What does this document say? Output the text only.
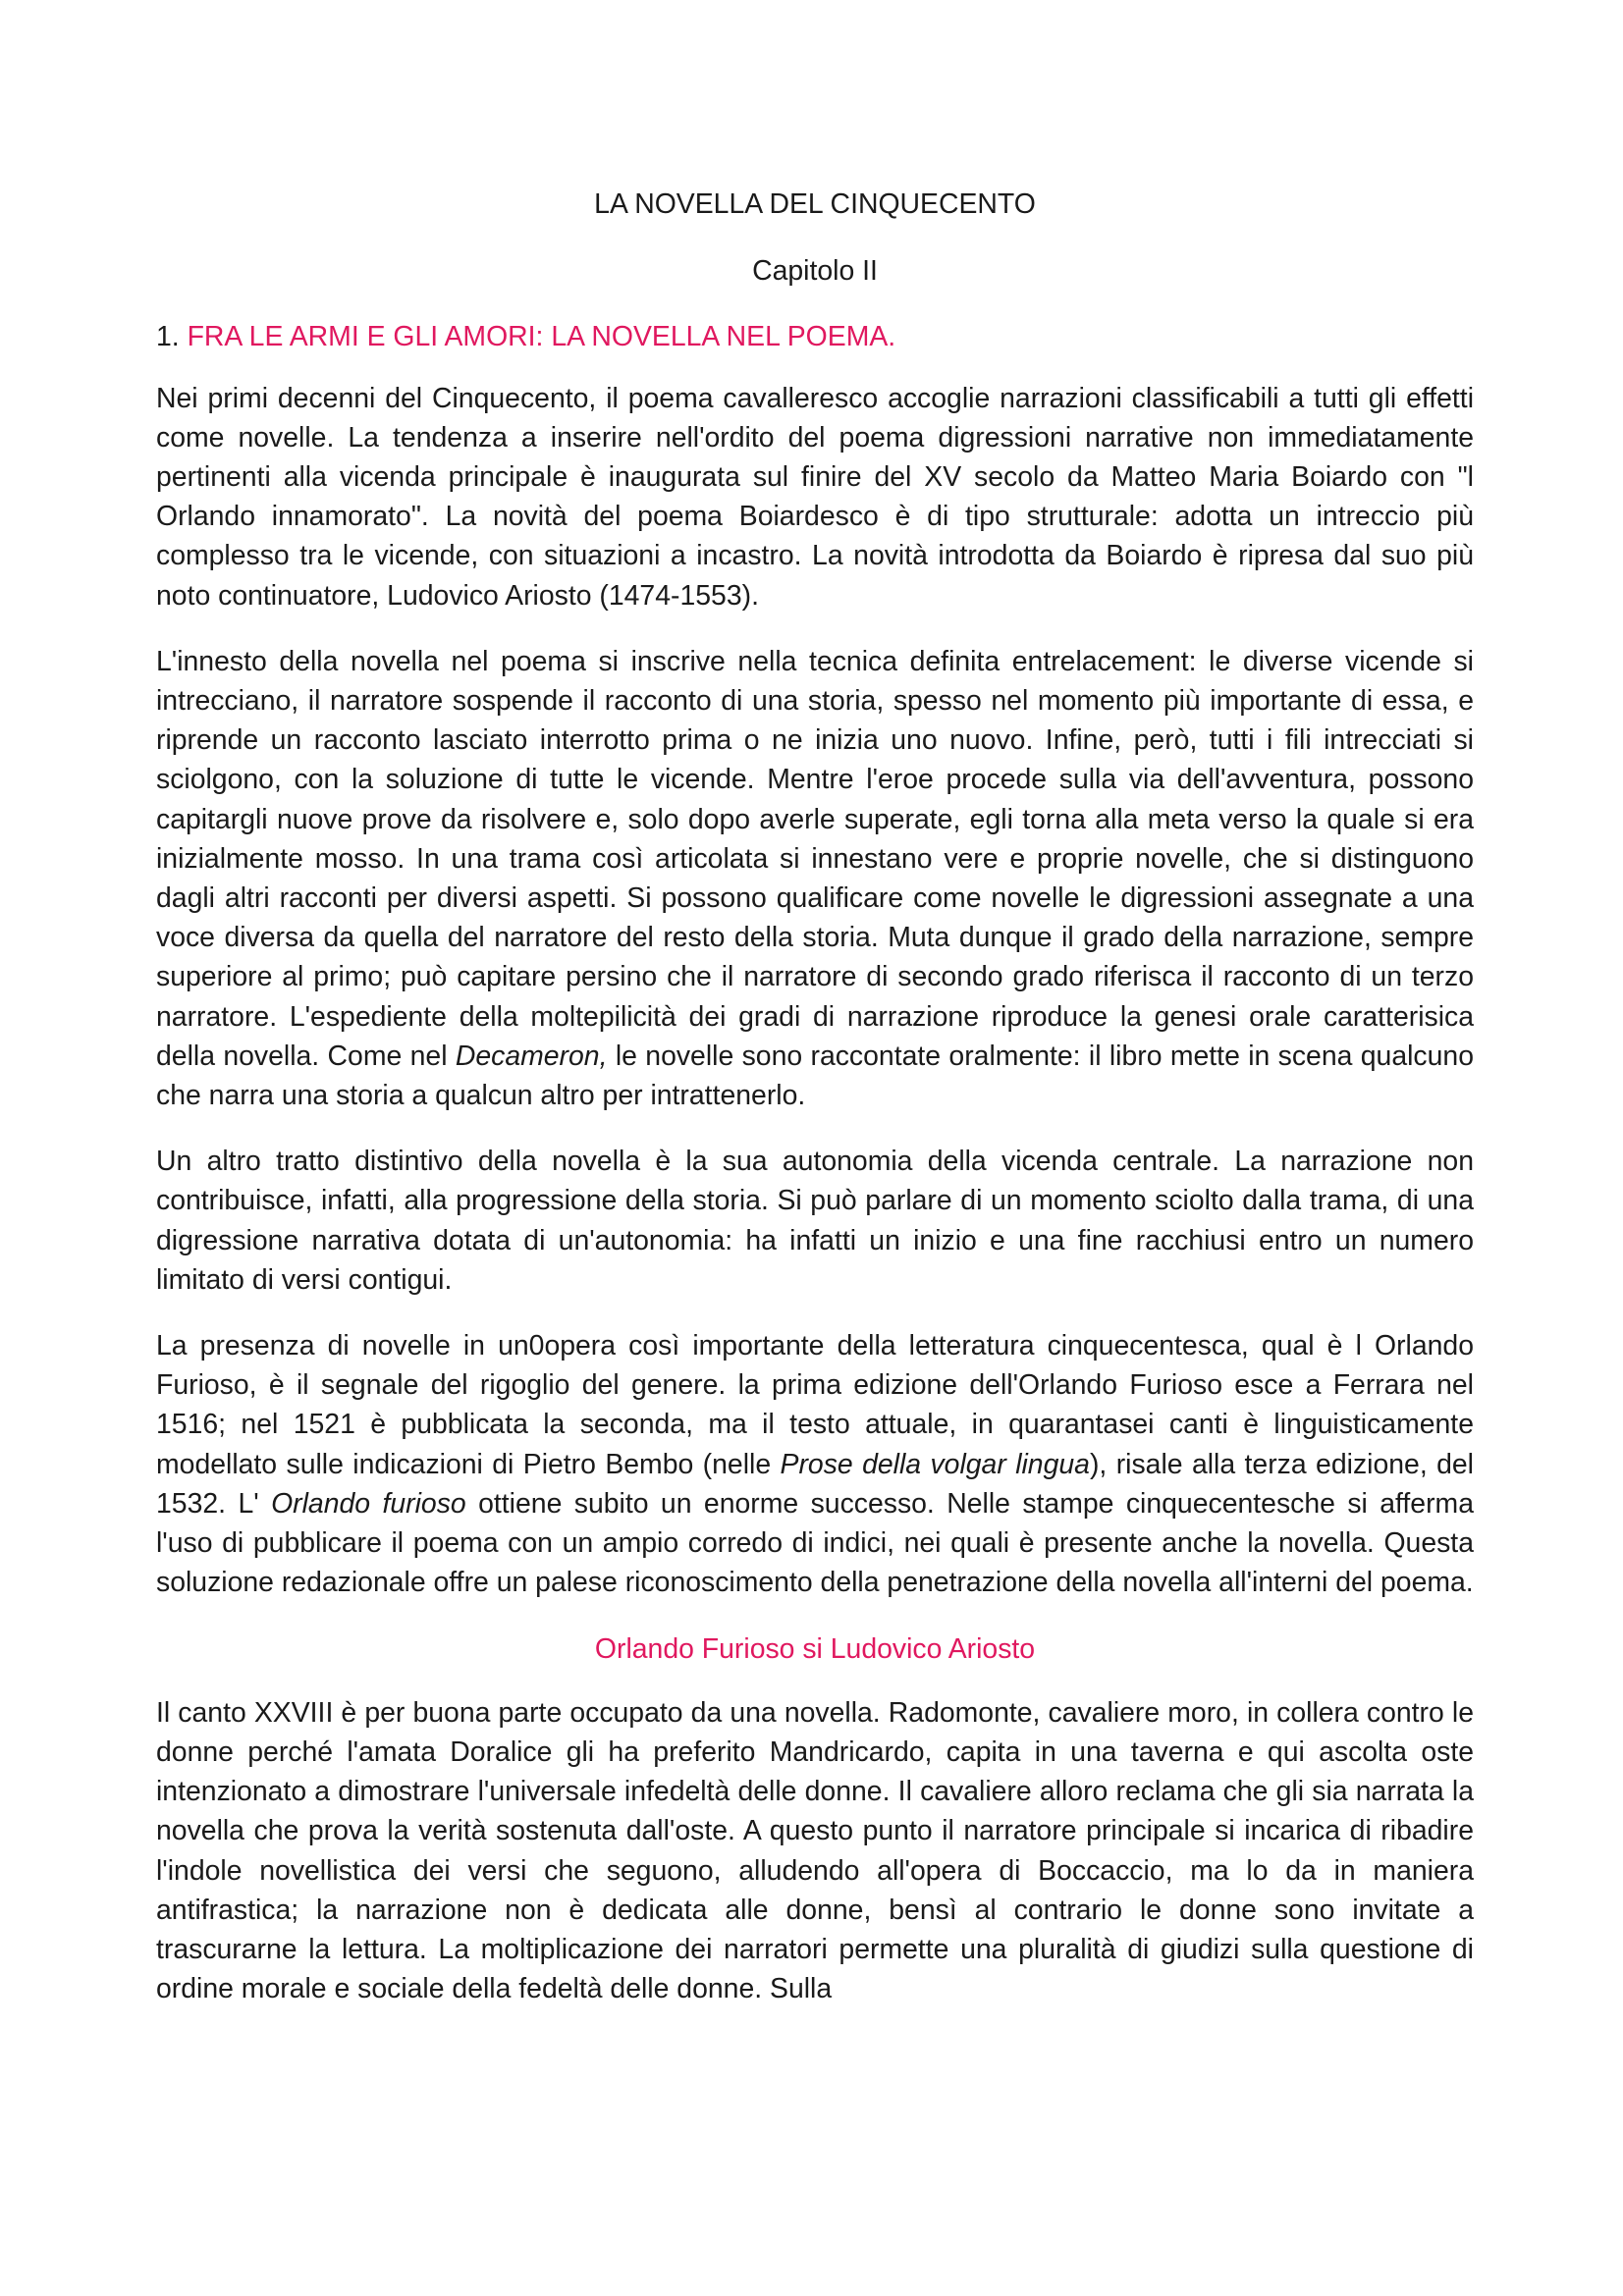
LA NOVELLA DEL CINQUECENTO
Capitolo II
1. FRA LE ARMI E GLI AMORI: LA NOVELLA NEL POEMA.
Nei primi decenni del Cinquecento, il poema cavalleresco accoglie narrazioni classificabili a tutti gli effetti come novelle. La tendenza a inserire nell'ordito del poema digressioni narrative non immediatamente pertinenti alla vicenda principale è inaugurata sul finire del XV secolo da Matteo Maria Boiardo con "l Orlando innamorato". La novità del poema Boiardesco è di tipo strutturale: adotta un intreccio più complesso tra le vicende, con situazioni a incastro. La novità introdotta da Boiardo è ripresa dal suo più noto continuatore, Ludovico Ariosto (1474-1553).
L'innesto della novella nel poema si inscrive nella tecnica definita entrelacement: le diverse vicende si intrecciano, il narratore sospende il racconto di una storia, spesso nel momento più importante di essa, e riprende un racconto lasciato interrotto prima o ne inizia uno nuovo. Infine, però, tutti i fili intrecciati si sciolgono, con la soluzione di tutte le vicende. Mentre l'eroe procede sulla via dell'avventura, possono capitargli nuove prove da risolvere e, solo dopo averle superate, egli torna alla meta verso la quale si era inizialmente mosso. In una trama così articolata si innestano vere e proprie novelle, che si distinguono dagli altri racconti per diversi aspetti. Si possono qualificare come novelle le digressioni assegnate a una voce diversa da quella del narratore del resto della storia. Muta dunque il grado della narrazione, sempre superiore al primo; può capitare persino che il narratore di secondo grado riferisca il racconto di un terzo narratore. L'espediente della moltepilicità dei gradi di narrazione riproduce la genesi orale caratterisica della novella. Come nel Decameron, le novelle sono raccontate oralmente: il libro mette in scena qualcuno che narra una storia a qualcun altro per intrattenerlo.
Un altro tratto distintivo della novella è la sua autonomia della vicenda centrale. La narrazione non contribuisce, infatti, alla progressione della storia. Si può parlare di un momento sciolto dalla trama, di una digressione narrativa dotata di un'autonomia: ha infatti un inizio e una fine racchiusi entro un numero limitato di versi contigui.
La presenza di novelle in un0opera così importante della letteratura cinquecentesca, qual è l Orlando Furioso, è il segnale del rigoglio del genere. la prima edizione dell'Orlando Furioso esce a Ferrara nel 1516; nel 1521 è pubblicata la seconda, ma il testo attuale, in quarantasei canti è linguisticamente modellato sulle indicazioni di Pietro Bembo (nelle Prose della volgar lingua), risale alla terza edizione, del 1532. L' Orlando furioso ottiene subito un enorme successo. Nelle stampe cinquecentesche si afferma l'uso di pubblicare il poema con un ampio corredo di indici, nei quali è presente anche la novella. Questa soluzione redazionale offre un palese riconoscimento della penetrazione della novella all'interni del poema.
Orlando Furioso si Ludovico Ariosto
Il canto XXVIII è per buona parte occupato da una novella. Radomonte, cavaliere moro, in collera contro le donne perché l'amata Doralice gli ha preferito Mandricardo, capita in una taverna e qui ascolta oste intenzionato a dimostrare l'universale infedeltà delle donne. Il cavaliere alloro reclama che gli sia narrata la novella che prova la verità sostenuta dall'oste. A questo punto il narratore principale si incarica di ribadire l'indole novellistica dei versi che seguono, alludendo all'opera di Boccaccio, ma lo da in maniera antifrastica; la narrazione non è dedicata alle donne, bensì al contrario le donne sono invitate a trascurarne la lettura. La moltiplicazione dei narratori permette una pluralità di giudizi sulla questione di ordine morale e sociale della fedeltà delle donne. Sulla
